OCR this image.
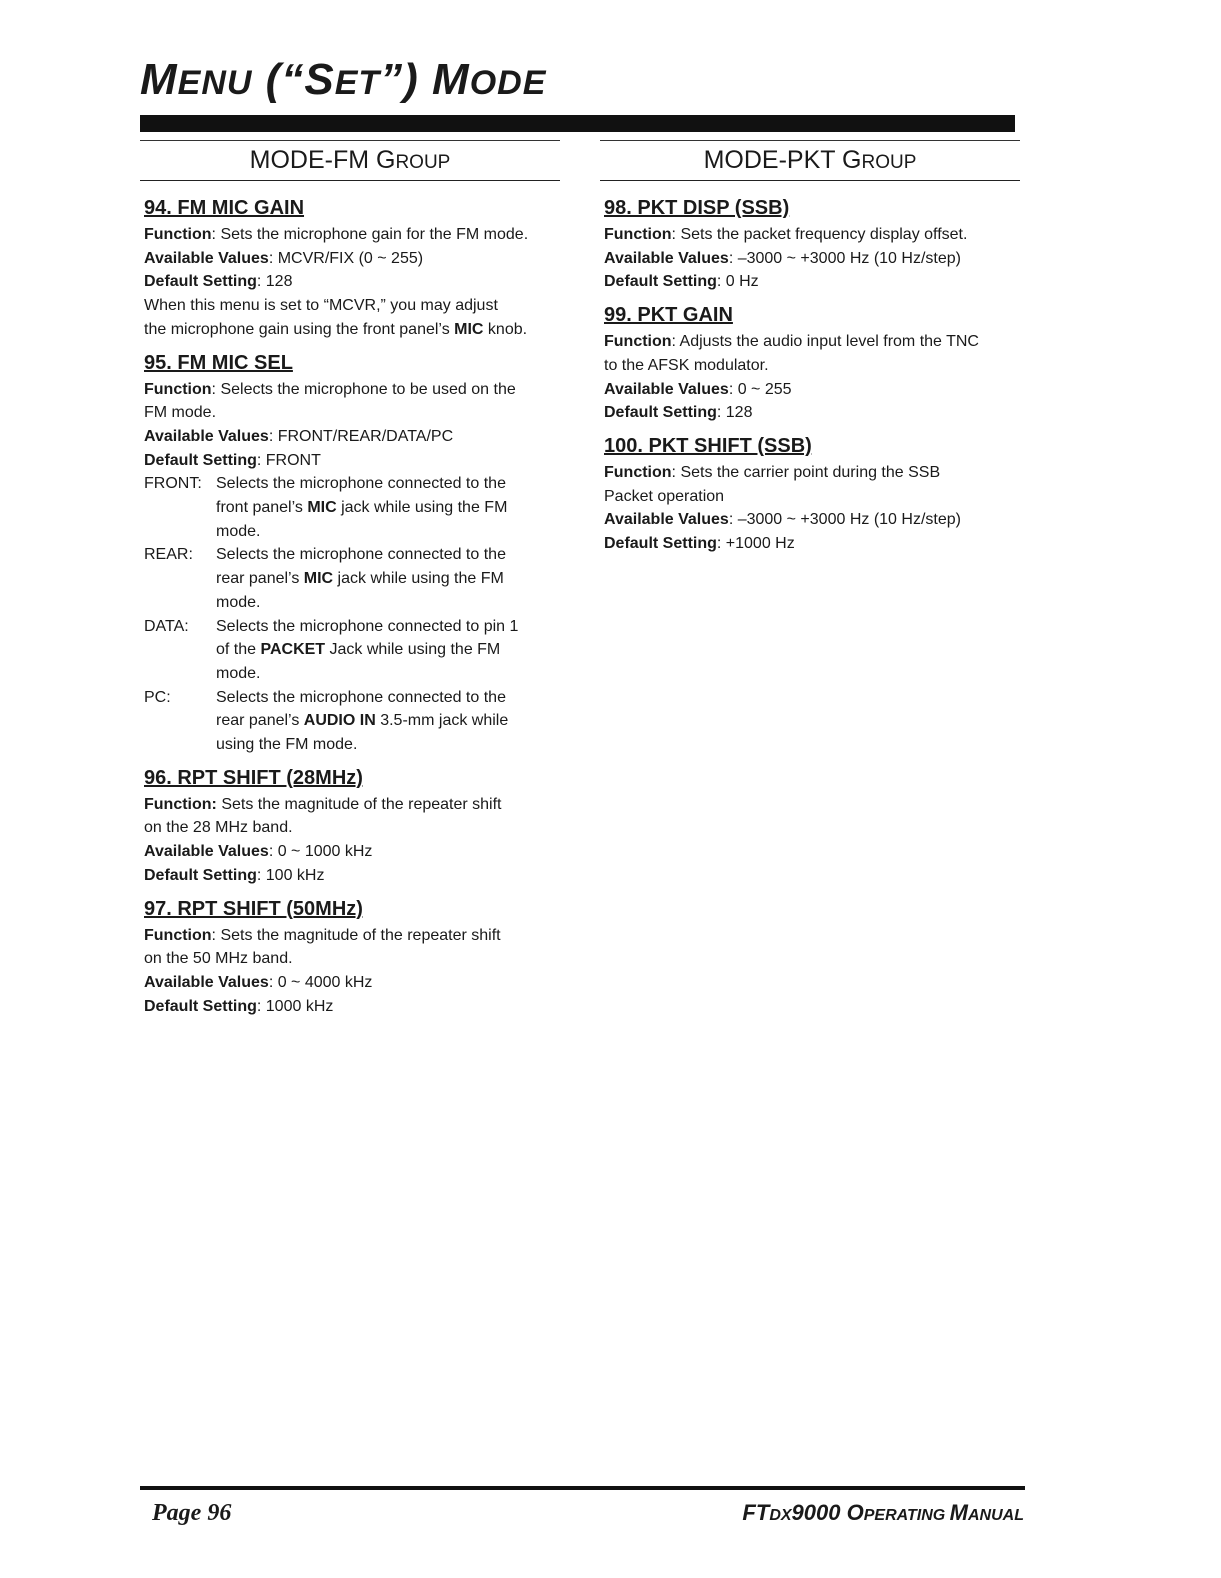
MENU (“SET”) MODE
MODE-FM GROUP
94. FM MIC GAIN
Function: Sets the microphone gain for the FM mode.
Available Values: MCVR/FIX (0 ~ 255)
Default Setting: 128
When this menu is set to “MCVR,” you may adjust
the microphone gain using the front panel’s MIC knob.
95. FM MIC SEL
Function: Selects the microphone to be used on the
FM mode.
Available Values: FRONT/REAR/DATA/PC
Default Setting: FRONT
FRONT: Selects the microphone connected to the
front panel’s MIC jack while using the FM
mode.
REAR:	Selects the microphone connected to the
rear panel’s MIC jack while using the FM
mode.
DATA:	Selects the microphone connected to pin 1
of the PACKET Jack while using the FM
mode.
PC:	Selects the microphone connected to the
rear panel’s AUDIO IN 3.5-mm jack while
using the FM mode.
96. RPT SHIFT (28MHz)
Function: Sets the magnitude of the repeater shift
on the 28 MHz band.
Available Values: 0 ~ 1000 kHz
Default Setting: 100 kHz
97. RPT SHIFT (50MHz)
Function: Sets the magnitude of the repeater shift
on the 50 MHz band.
Available Values: 0 ~ 4000 kHz
Default Setting: 1000 kHz
MODE-PKT GROUP
98. PKT DISP (SSB)
Function: Sets the packet frequency display offset.
Available Values: –3000 ~ +3000 Hz (10 Hz/step)
Default Setting: 0 Hz
99. PKT GAIN
Function: Adjusts the audio input level from the TNC
to the AFSK modulator.
Available Values: 0 ~ 255
Default Setting: 128
100. PKT SHIFT (SSB)
Function: Sets the carrier point during the SSB
Packet operation
Available Values: –3000 ~ +3000 Hz (10 Hz/step)
Default Setting: +1000 Hz
Page 96	FTDX9000 OPERATING MANUAL
